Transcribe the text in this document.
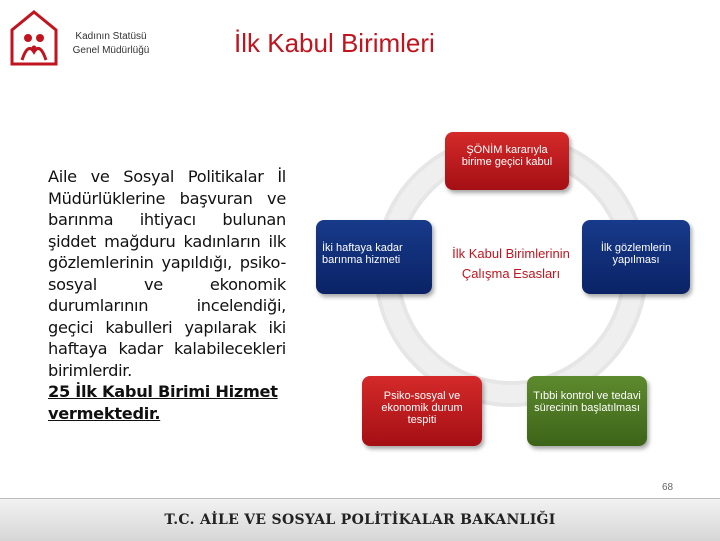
Kadının Statüsü
Genel Müdürlüğü	İlk Kabul Birimleri
Aile ve Sosyal Politikalar İl Müdürlüklerine başvuran ve barınma ihtiyacı bulunan şiddet mağduru kadınların ilk gözlemlerinin yapıldığı, psiko-sosyal ve ekonomik durumlarının incelendiği, geçici kabulleri yapılarak iki haftaya kadar kalabilecekleri birimlerdir.
25 İlk Kabul Birimi Hizmet vermektedir.
ŞÖNİM kararıyla birime geçici kabul
İlk gözlemlerin yapılması
Tıbbi kontrol ve tedavi sürecinin başlatılması
Psiko-sosyal ve ekonomik durum tespiti
İki haftaya kadar barınma hizmeti	İlk Kabul Birimlerinin Çalışma Esasları
T.C. AİLE VE SOSYAL POLİTİKALAR BAKANLIĞI
68
